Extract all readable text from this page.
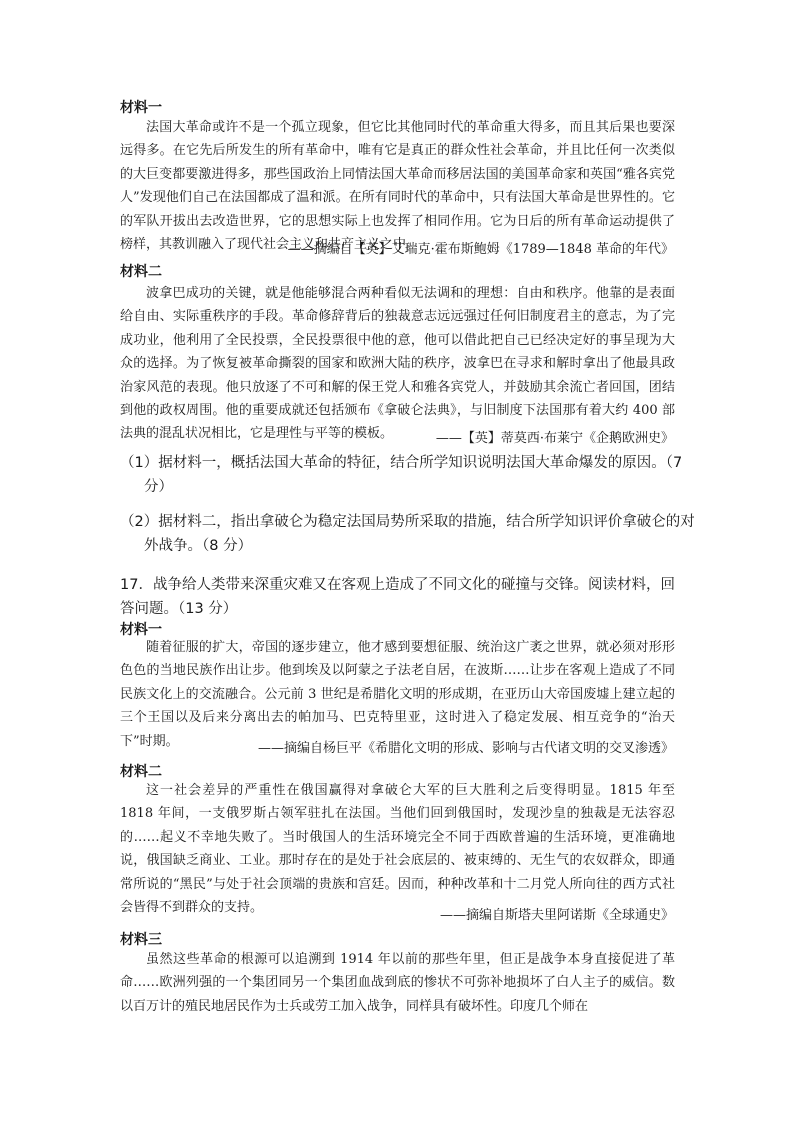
材料一

法国大革命或许不是一个孤立现象，但它比其他同时代的革命重大得多，而且其后果也要深远得多。在它先后所发生的所有革命中，唯有它是真正的群众性社会革命，并且比任何一次类似的大巨变都要激进得多，那些国政治上同情法国大革命而移居法国的美国革命家和英国“雅各宾党人”发现他们自己在法国都成了温和派。在所有同时代的革命中，只有法国大革命是世界性的。它的军队开拔出去改造世界，它的思想实际上也发挥了相同作用。它为日后的所有革命运动提供了榜样，其教训融入了现代社会主义和共产主义之中。

——摘编自【英】艾瑞克·霍布斯鲍姆《1789—1848 革命的年代》
材料二

波拿巴成功的关键，就是他能够混合两种看似无法调和的理想：自由和秩序。他靠的是表面给自由、实际重秩序的手段。革命修辞背后的独裁意志远远强过任何旧制度君主的意志，为了完成功业，他利用了全民投票，全民投票很中他的意，他可以借此把自己已经决定好的事呈现为大众的选择。为了恢复被革命撕裂的国家和欧洲大陆的秩序，波拿巴在寻求和解时拿出了他最具政治家风范的表现。他只放逐了不可和解的保王党人和雅各宾党人，并鼓励其余流亡者回国，团结到他的政权周围。他的重要成就还包括颁布《拿破仑法典》，与旧制度下法国那有着大约 400 部法典的混乱状况相比，它是理性与平等的模板。	——【英】蒂莫西·布莱宁《企鹅欧洲史》

（1）据材料一，概括法国大革命的特征，结合所学知识说明法国大革命爆发的原因。（7分）

（2）据材料二，指出拿破仑为稳定法国局势所采取的措施，结合所学知识评价拿破仑的对外战争。（8 分）

17．战争给人类带来深重灾难又在客观上造成了不同文化的碰撞与交锋。阅读材料，回答问题。（13 分）

材料一

随着征服的扩大，帝国的逐步建立，他才感到要想征服、统治这广袤之世界，就必须对形形色色的当地民族作出让步。他到埃及以阿蒙之子法老自居，在波斯……让步在客观上造成了不同民族文化上的交流融合。公元前 3 世纪是希腊化文明的形成期，在亚历山大帝国废墟上建立起的三个王国以及后来分离出去的帕加马、巴克特里亚，这时进入了稳定发展、相互竞争的“治天下”时期。	——摘编自杨巨平《希腊化文明的形成、影响与古代诸文明的交叉渗透》
材料二

这一社会差异的严重性在俄国赢得对拿破仑大军的巨大胜利之后变得明显。1815 年至 1818 年间，一支俄罗斯占领军驻扎在法国。当他们回到俄国时，发现沙皇的独裁是无法容忍的……起义不幸地失败了。当时俄国人的生活环境完全不同于西欧普遍的生活环境，更准确地说，俄国缺乏商业、工业。那时存在的是处于社会底层的、被束缚的、无生气的农奴群众，即通常所说的“黑民”与处于社会顶端的贵族和宫廷。因而，种种改革和十二月党人所向往的西方式社会皆得不到群众的支持。

——摘编自斯塔夫里阿诺斯《全球通史》
材料三

虽然这些革命的根源可以追溯到 1914 年以前的那些年里，但正是战争本身直接促进了革命……欧洲列强的一个集团同另一个集团血战到底的惨状不可弥补地损坏了白人主子的威信。数以百万计的殖民地居民作为士兵或劳工加入战争，同样具有破坏性。印度几个师在
